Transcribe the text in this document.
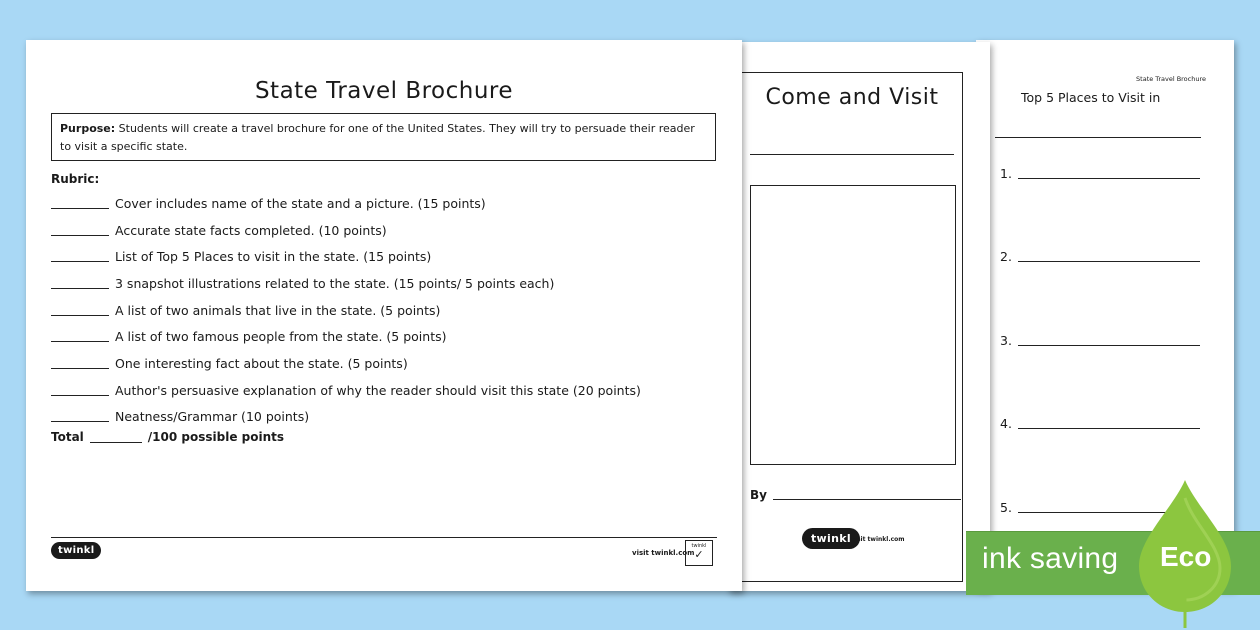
State Travel Brochure
Top 5 Places to Visit in
1.
2.
3.
4.
5.
Come and Visit
By
twinkl visit twinkl.com
State Travel Brochure
Purpose: Students will create a travel brochure for one of the United States. They will try to persuade their reader to visit a specific state.
Rubric:
Cover includes name of the state and a picture. (15 points)
Accurate state facts completed. (10 points)
List of Top 5 Places to visit in the state. (15 points)
3 snapshot illustrations related to the state. (15 points/ 5 points each)
A list of two animals that live in the state. (5 points)
A list of two famous people from the state. (5 points)
One interesting fact about the state. (5 points)
Author's persuasive explanation of why the reader should visit this state (20 points)
Neatness/Grammar (10 points)
Total	/100 possible points
twinkl	visit twinkl.com
twinkl
✓	ink saving Eco
